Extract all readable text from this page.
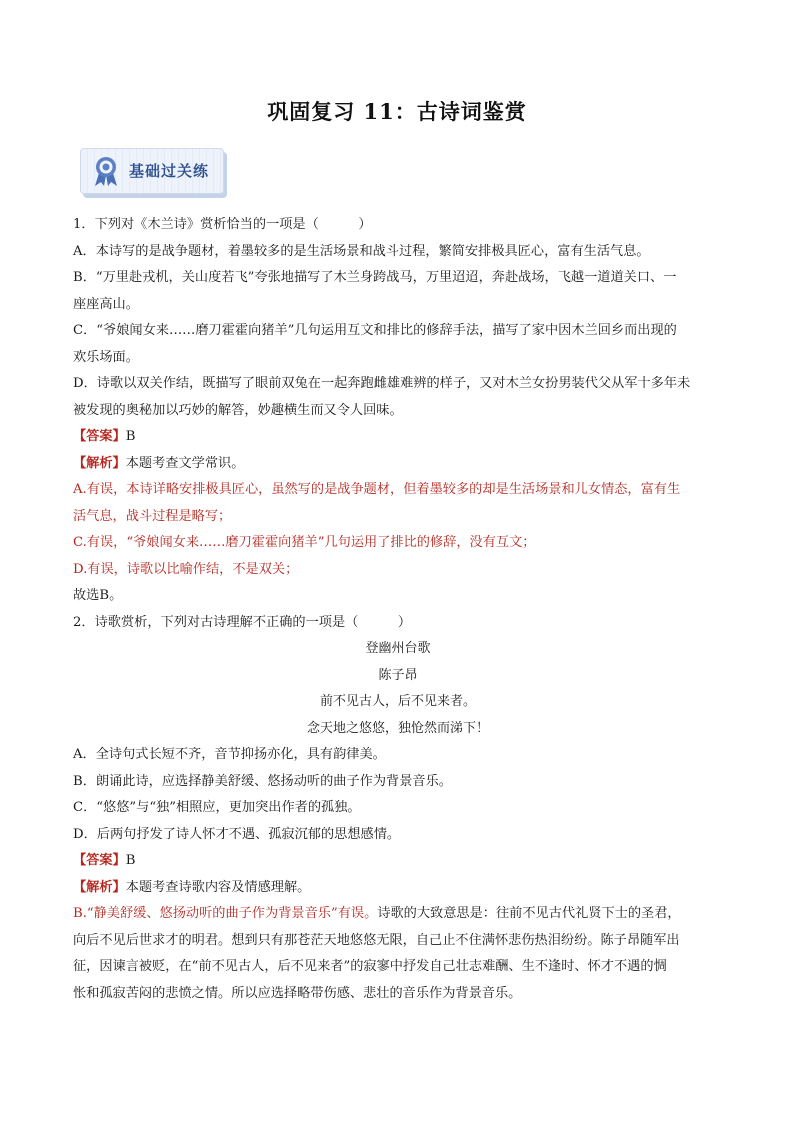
巩固复习 11：古诗词鉴赏
基础过关练

1．下列对《木兰诗》赏析恰当的一项是（　　　）

A．本诗写的是战争题材，着墨较多的是生活场景和战斗过程，繁简安排极具匠心，富有生活气息。

B．“万里赴戎机，关山度若飞”夸张地描写了木兰身跨战马，万里迢迢，奔赴战场，飞越一道道关口、一

座座高山。

C．“爷娘闻女来……磨刀霍霍向猪羊”几句运用互文和排比的修辞手法，描写了家中因木兰回乡而出现的

欢乐场面。

D．诗歌以双关作结，既描写了眼前双兔在一起奔跑雌雄难辨的样子，又对木兰女扮男装代父从军十多年未

被发现的奥秘加以巧妙的解答，妙趣横生而又令人回味。

【答案】B

【解析】本题考查文学常识。

A.有误，本诗详略安排极具匠心，虽然写的是战争题材，但着墨较多的却是生活场景和儿女情态，富有生

活气息，战斗过程是略写；

C.有误，“爷娘闻女来……磨刀霍霍向猪羊”几句运用了排比的修辞，没有互文；

D.有误，诗歌以比喻作结，不是双关；

故选B。

2．诗歌赏析，下列对古诗理解不正确的一项是（　　　）

登幽州台歌

陈子昂

前不见古人，后不见来者。

念天地之悠悠，独怆然而涕下！

A．全诗句式长短不齐，音节抑扬亦化，具有韵律美。

B．朗诵此诗，应选择静美舒缓、悠扬动听的曲子作为背景音乐。

C．“悠悠”与“独”相照应，更加突出作者的孤独。

D．后两句抒发了诗人怀才不遇、孤寂沉郁的思想感情。

【答案】B

【解析】本题考查诗歌内容及情感理解。

B.“静美舒缓、悠扬动听的曲子作为背景音乐”有误。诗歌的大致意思是：往前不见古代礼贤下士的圣君，

向后不见后世求才的明君。想到只有那苍茫天地悠悠无限，自己止不住满怀悲伤热泪纷纷。陈子昂随军出

征，因谏言被贬，在“前不见古人，后不见来者”的寂寥中抒发自己壮志难酬、生不逢时、怀才不遇的惆

怅和孤寂苦闷的悲愤之情。所以应选择略带伤感、悲壮的音乐作为背景音乐。
